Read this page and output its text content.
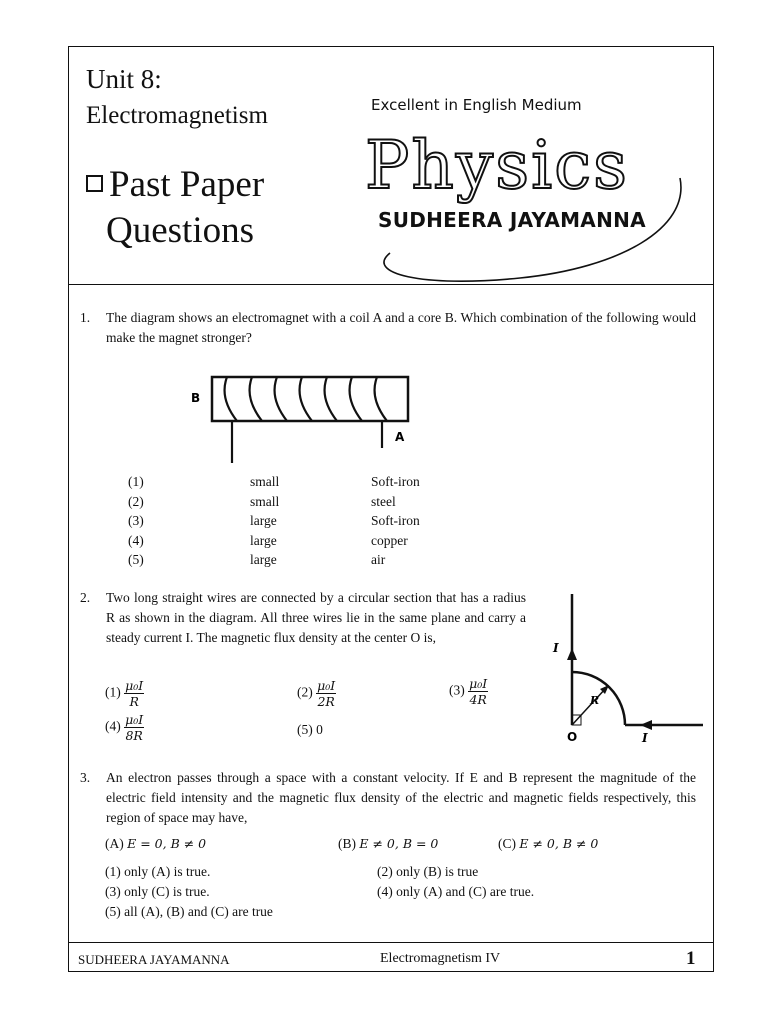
Unit 8:
Electromagnetism
Past Paper
Questions
Excellent in English Medium
Physics
SUDHEERA JAYAMANNA
1. The diagram shows an electromagnet with a coil A and a core B. Which combination of the following would make the magnet stronger?
B
A
(1)	small	Soft-iron
(2)	small	steel
(3)	large	Soft-iron
(4)	large	copper
(5)	large	air
2. Two long straight wires are connected by a circular section that has a radius R as shown in the diagram. All three wires lie in the same plane and carry a steady current I. The magnetic flux density at the center O is,
$(1) \frac{\text{μ₀I}}{R}$	$(2) \frac{\text{μ₀I}}{2R}$	$(3) \frac{\text{μ₀I}}{4R}$
$(4) \frac{\text{μ₀I}}{8R}$	(5) 0
I
R
O	I
3. An electron passes through a space with a constant velocity. If E and B represent the magnitude of the electric field intensity and the magnetic flux density of the electric and magnetic fields respectively, this region of space may have,
(A) E = 0, B ≠ 0	(B) E ≠ 0, B = 0	(C) E ≠ 0, B ≠ 0
(1) only (A) is true.	(2) only (B) is true
(3) only (C) is true.	(4) only (A) and (C) are true.
(5) all (A), (B) and (C) are true
SUDHEERA JAYAMANNA	Electromagnetism IV	1
